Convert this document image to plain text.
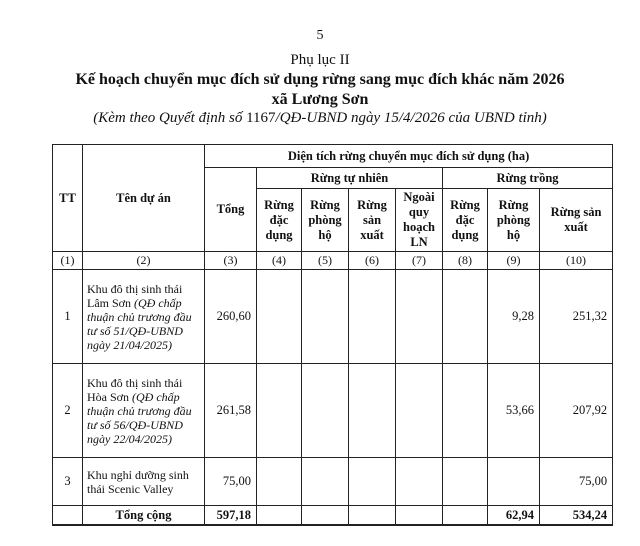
5
Phụ lục II
Kế hoạch chuyển mục đích sử dụng rừng sang mục đích khác năm 2026
xã Lương Sơn
(Kèm theo Quyết định số 1167/QĐ-UBND ngày 15/4/2026 của UBND tỉnh)
TT	Tên dự án	Diện tích rừng chuyển mục đích sử dụng (ha)							
		Tổng	Rừng tự nhiên				Rừng trồng		
			Rừng đặc dụng	Rừng phòng hộ	Rừng sản xuất	Ngoài quy hoạch LN	Rừng đặc dụng	Rừng phòng hộ	Rừng sản xuất
(1)	(2)	(3)	(4)	(5)	(6)	(7)	(8)	(9)	(10)
1	Khu đô thị sinh thái Lâm Sơn (QĐ chấp thuận chủ trương đầu tư số 51/QĐ-UBND ngày 21/04/2025)	260,60						9,28	251,32
2	Khu đô thị sinh thái Hòa Sơn (QĐ chấp thuận chủ trương đầu tư số 56/QĐ-UBND ngày 22/04/2025)	261,58						53,66	207,92
3	Khu nghỉ dưỡng sinh thái Scenic Valley	75,00							75,00
	Tổng cộng	597,18						62,94	534,24
